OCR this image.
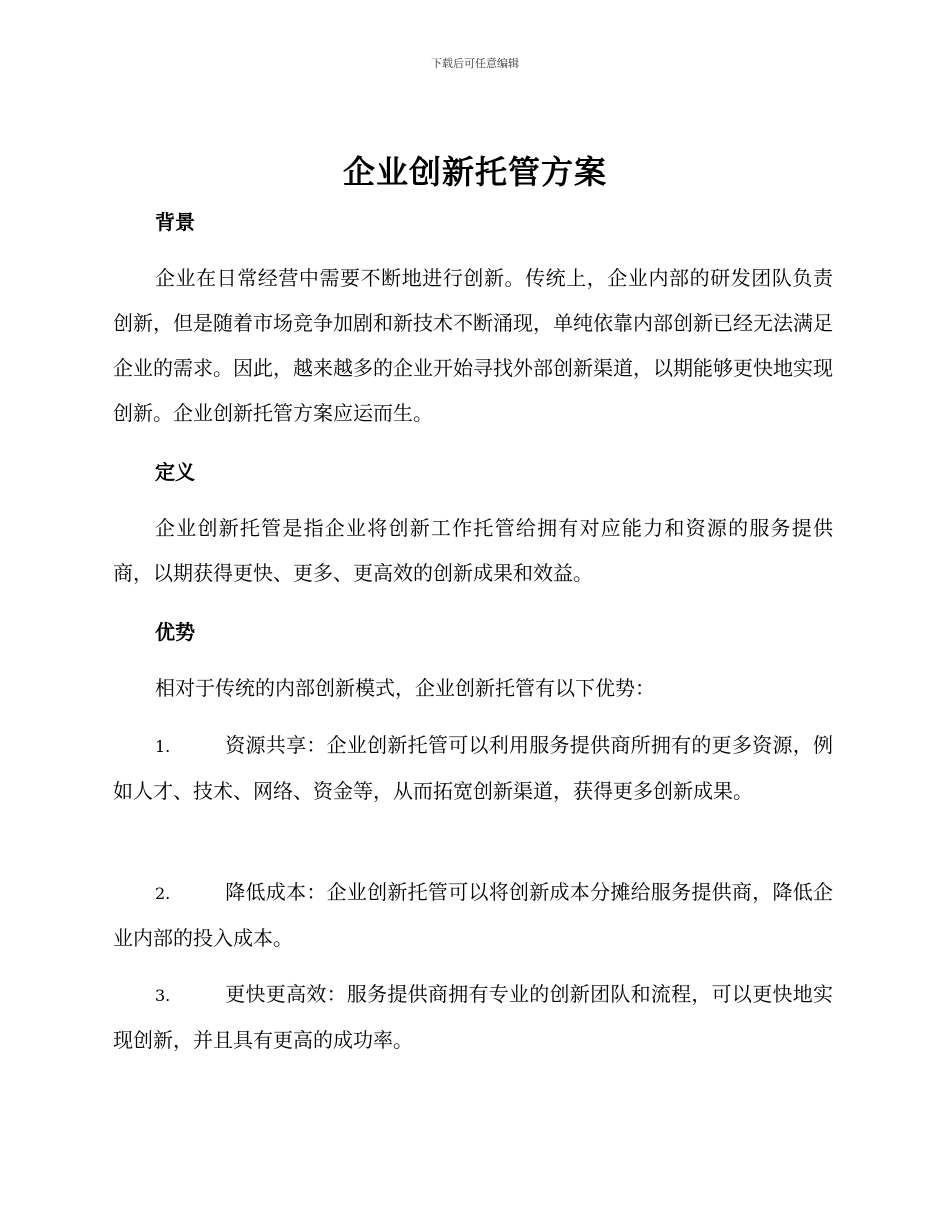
下载后可任意编辑
企业创新托管方案
背景
企业在日常经营中需要不断地进行创新。传统上，企业内部的研发团队负责创新，但是随着市场竞争加剧和新技术不断涌现，单纯依靠内部创新已经无法满足企业的需求。因此，越来越多的企业开始寻找外部创新渠道，以期能够更快地实现创新。企业创新托管方案应运而生。
定义
企业创新托管是指企业将创新工作托管给拥有对应能力和资源的服务提供商，以期获得更快、更多、更高效的创新成果和效益。
优势
相对于传统的内部创新模式，企业创新托管有以下优势：
1.	资源共享：企业创新托管可以利用服务提供商所拥有的更多资源，例如人才、技术、网络、资金等，从而拓宽创新渠道，获得更多创新成果。
2.	降低成本：企业创新托管可以将创新成本分摊给服务提供商，降低企业内部的投入成本。
3.	更快更高效：服务提供商拥有专业的创新团队和流程，可以更快地实现创新，并且具有更高的成功率。
